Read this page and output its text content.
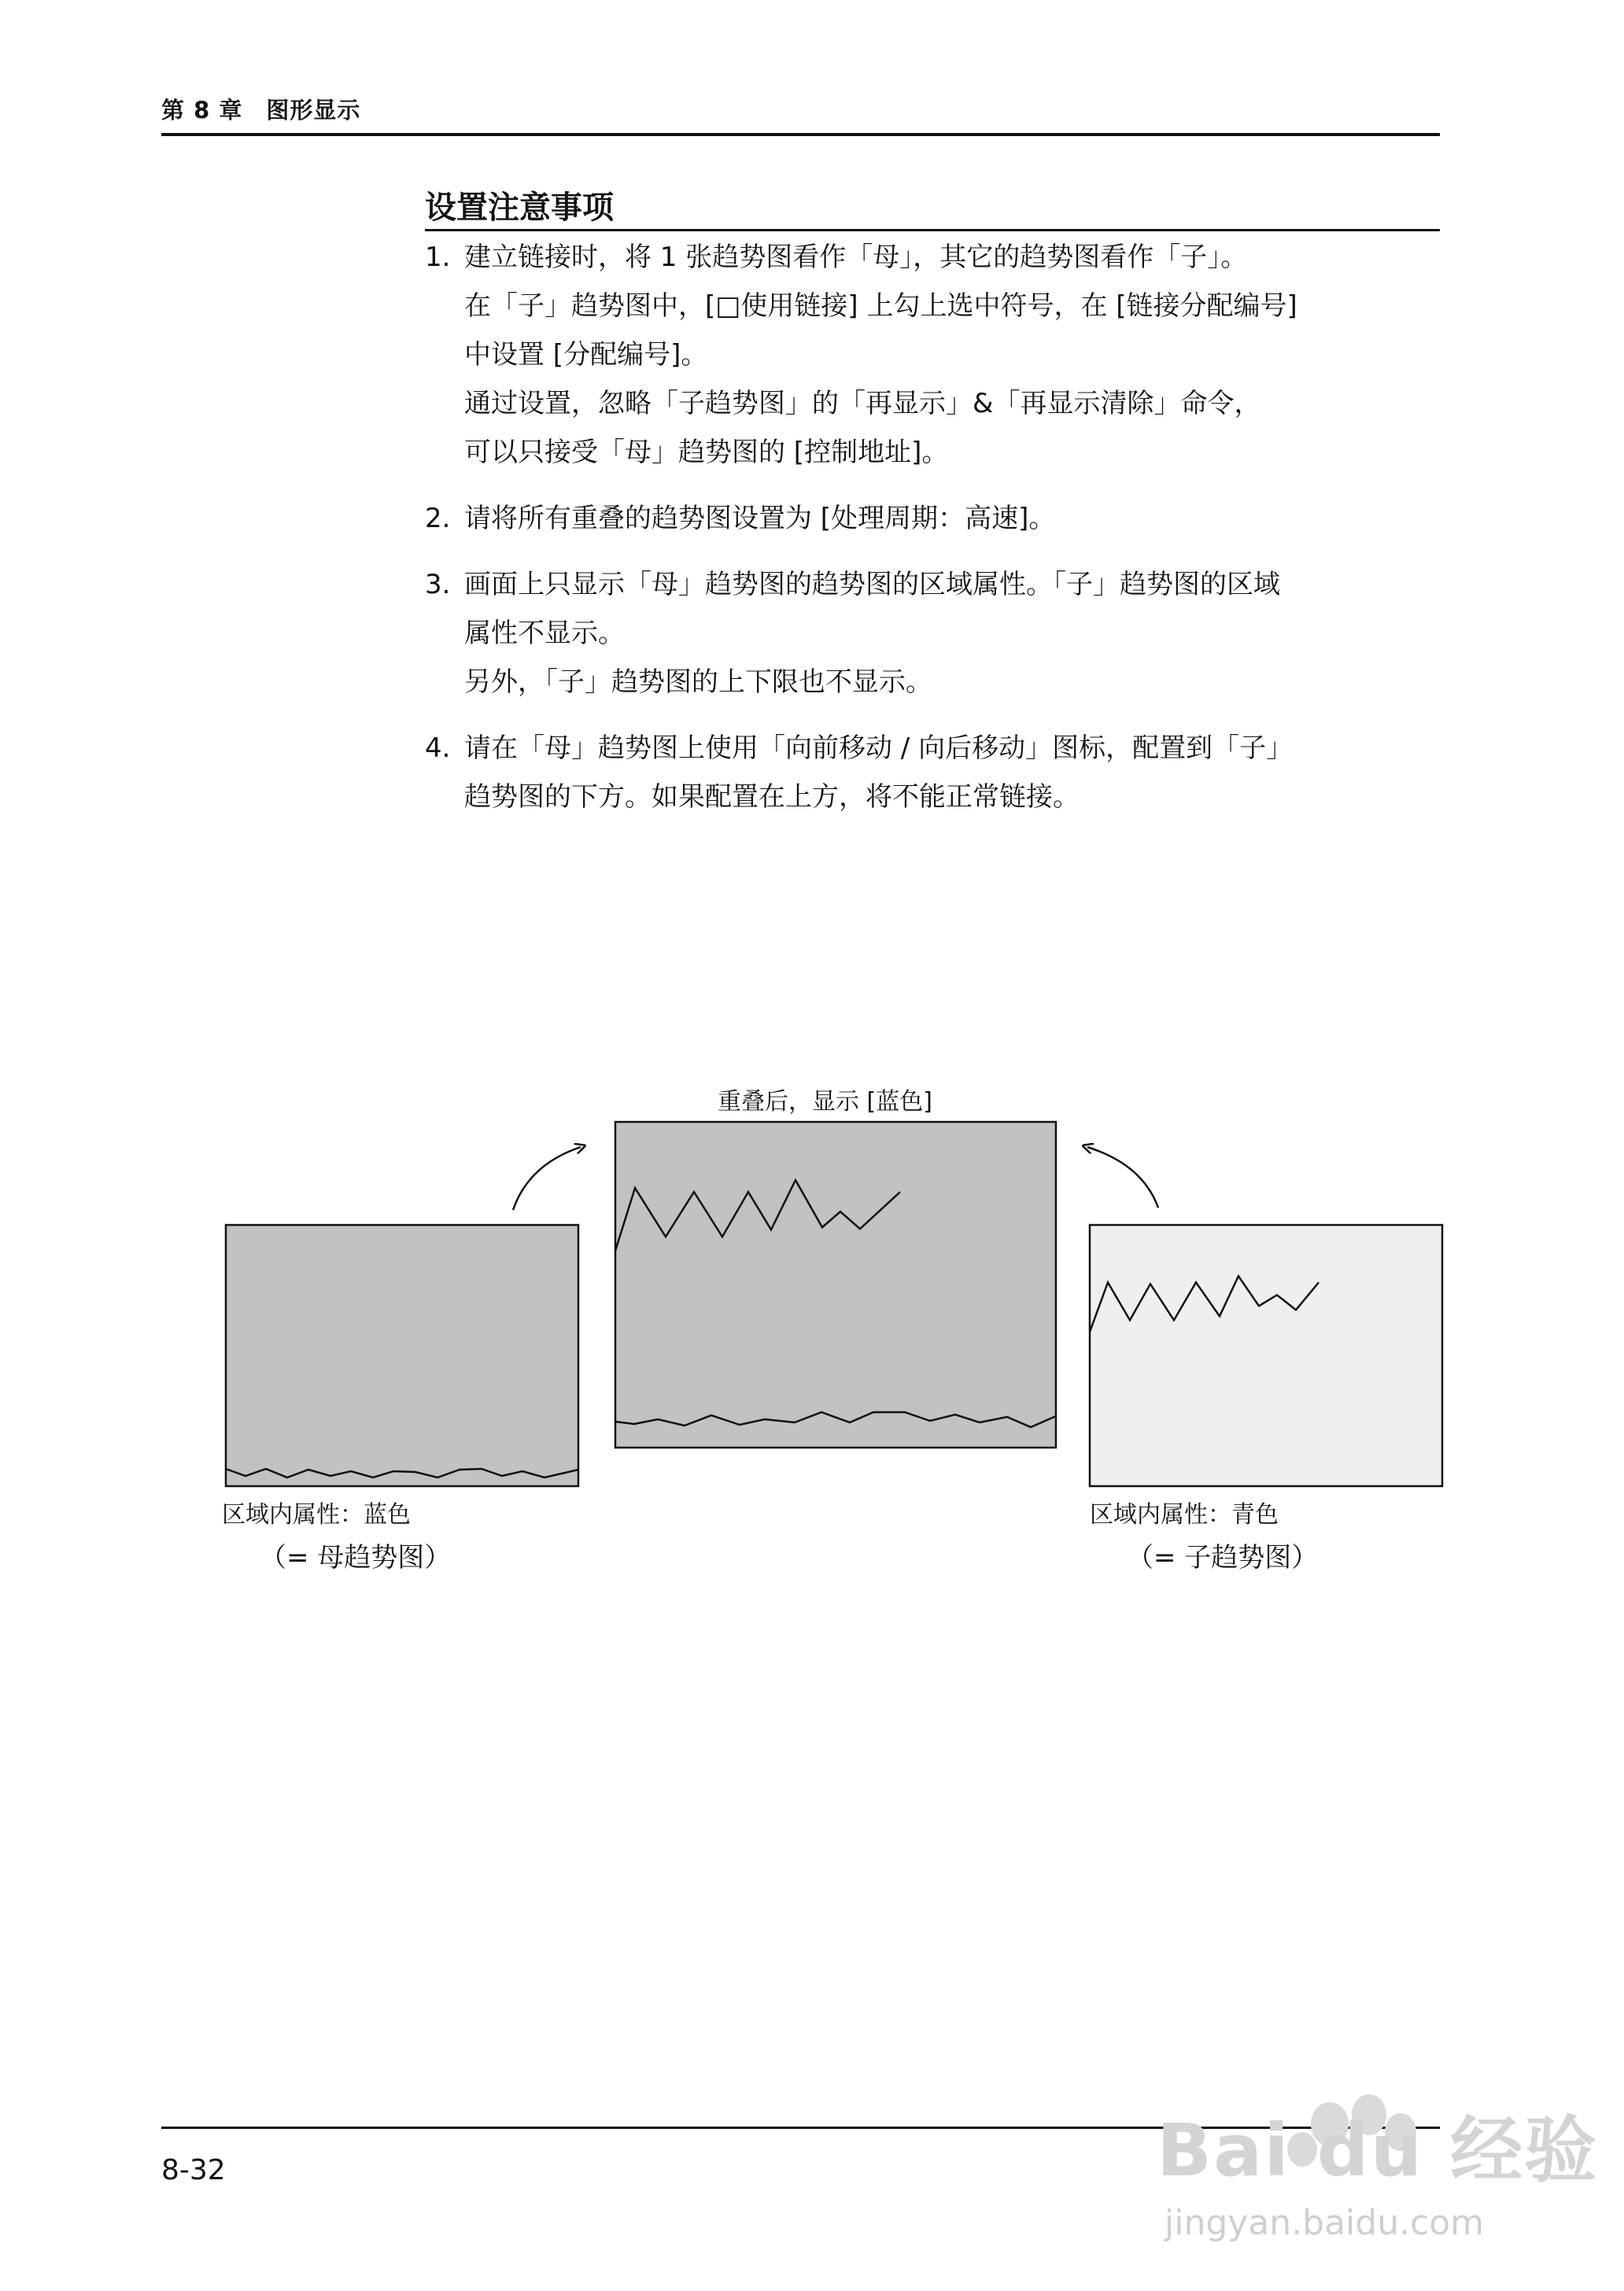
第 8 章　图形显示
设置注意事项
1. 建立链接时，将 1 张趋势图看作「母」，其它的趋势图看作「子」。
在「子」趋势图中，[□使用链接] 上勾上选中符号，在 [链接分配编号]
中设置 [分配编号]。
通过设置，忽略「子趋势图」的「再显示」&「再显示清除」命令，
可以只接受「母」趋势图的 [控制地址]。
2. 请将所有重叠的趋势图设置为 [处理周期：高速]。
3. 画面上只显示「母」趋势图的趋势图的区域属性。「子」趋势图的区域
属性不显示。
另外，「子」趋势图的上下限也不显示。
4. 请在「母」趋势图上使用「向前移动 / 向后移动」图标，配置到「子」
趋势图的下方。如果配置在上方，将不能正常链接。
重叠后，显示 [蓝色]
区域内属性：蓝色
（= 母趋势图）
区域内属性：青色
（= 子趋势图）
8-32	Bai du 经验
jingyan.baidu.com
